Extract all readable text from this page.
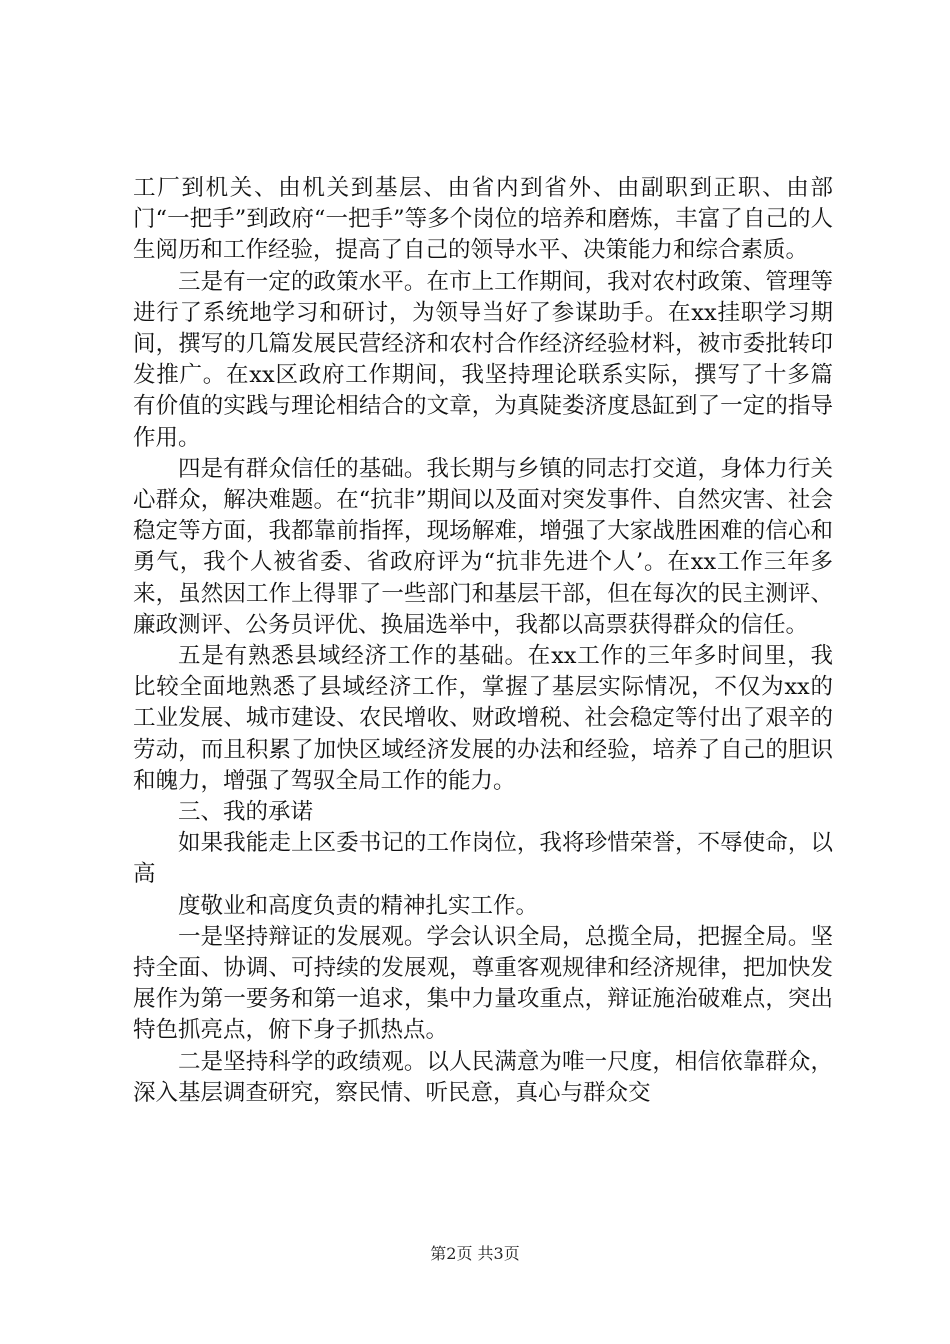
工厂到机关、由机关到基层、由省内到省外、由副职到正职、由部门“一把手”到政府“一把手”等多个岗位的培养和磨炼，丰富了自己的人生阅历和工作经验，提高了自己的领导水平、决策能力和综合素质。

三是有一定的政策水平。在市上工作期间，我对农村政策、管理等进行了系统地学习和研讨，为领导当好了参谋助手。在xx挂职学习期间，撰写的几篇发展民营经济和农村合作经济经验材料，被市委批转印发推广。在xx区政府工作期间，我坚持理论联系实际，撰写了十多篇有价值的实践与理论相结合的文章，为真陡娄济度恳缸到了一定的指导作用。

四是有群众信任的基础。我长期与乡镇的同志打交道，身体力行关心群众，解决难题。在“抗非”期间以及面对突发事件、自然灾害、社会稳定等方面，我都靠前指挥，现场解难，增强了大家战胜困难的信心和勇气，我个人被省委、省政府评为“抗非先进个人’。在xx工作三年多来，虽然因工作上得罪了一些部门和基层干部，但在每次的民主测评、廉政测评、公务员评优、换届选举中，我都以高票获得群众的信任。

五是有熟悉县域经济工作的基础。在xx工作的三年多时间里，我比较全面地熟悉了县域经济工作，掌握了基层实际情况，不仅为xx的工业发展、城市建设、农民增收、财政增税、社会稳定等付出了艰辛的劳动，而且积累了加快区域经济发展的办法和经验，培养了自己的胆识和魄力，增强了驾驭全局工作的能力。

三、我的承诺

如果我能走上区委书记的工作岗位，我将珍惜荣誉，不辱使命，以高

度敬业和高度负责的精神扎实工作。

一是坚持辩证的发展观。学会认识全局，总揽全局，把握全局。坚持全面、协调、可持续的发展观，尊重客观规律和经济规律，把加快发展作为第一要务和第一追求，集中力量攻重点，辩证施治破难点，突出特色抓亮点，俯下身子抓热点。

二是坚持科学的政绩观。以人民满意为唯一尺度，相信依靠群众，深入基层调查研究，察民情、听民意，真心与群众交

第2页 共3页
